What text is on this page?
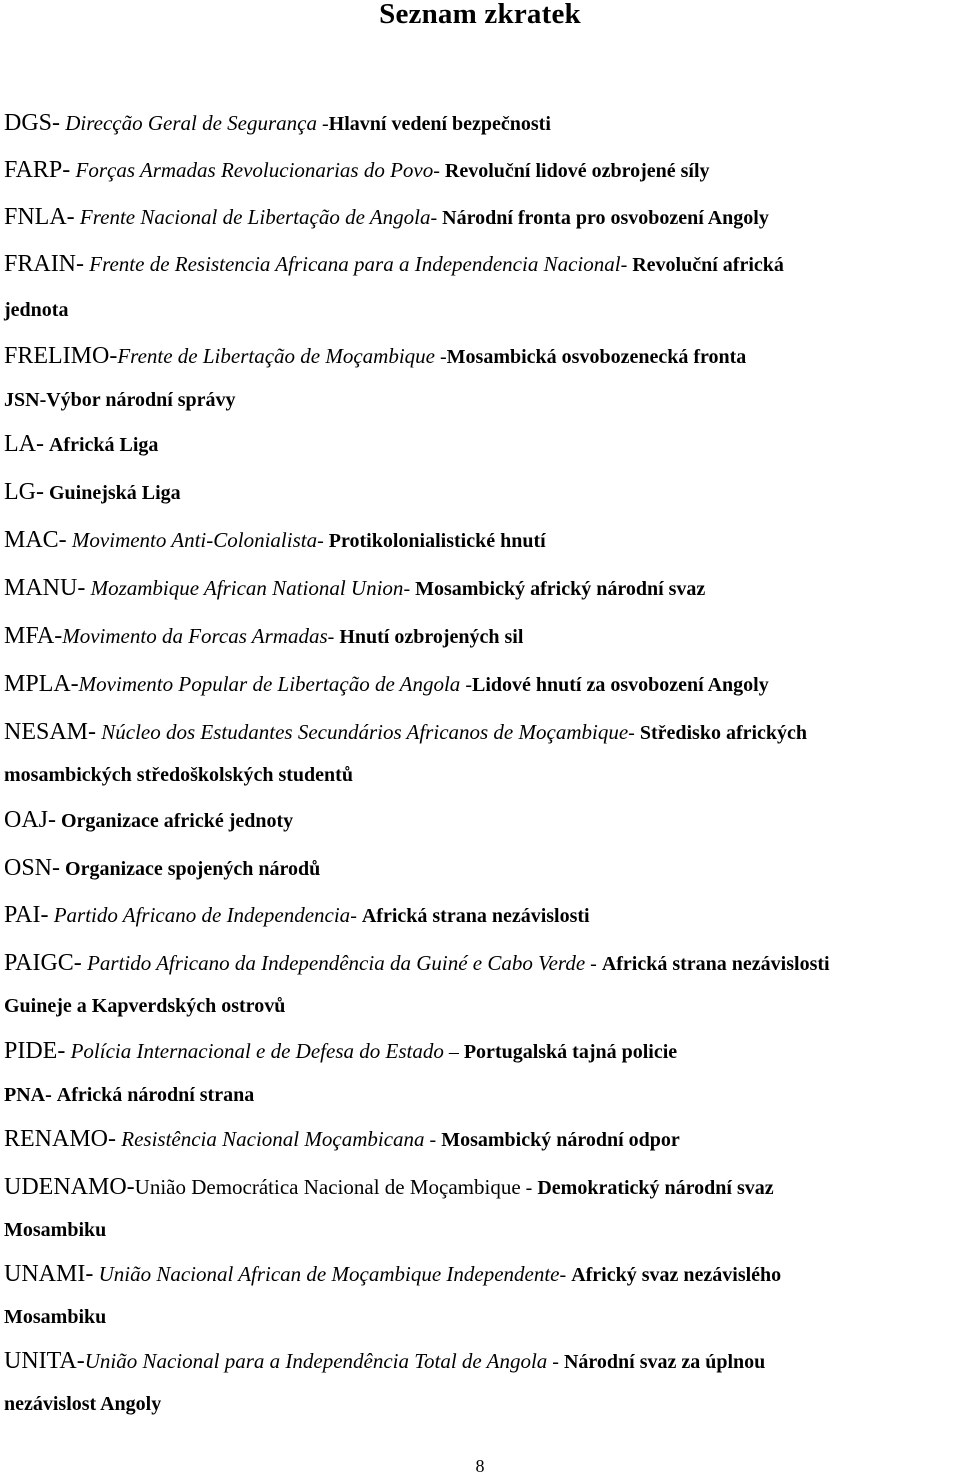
Seznam zkratek
DGS- Direcção Geral de Segurança -Hlavní vedení bezpečnosti
FARP- Forças Armadas Revolucionarias do Povo- Revoluční lidové ozbrojené síly
FNLA- Frente Nacional de Libertação de Angola- Národní fronta pro osvobození Angoly
FRAIN- Frente de Resistencia Africana para a Independencia Nacional- Revoluční africká
jednota
FRELIMO-Frente de Libertação de Moçambique -Mosambická osvobozenecká fronta
JSN-Výbor národní správy
LA- Africká Liga
LG- Guinejská Liga
MAC- Movimento Anti-Colonialista- Protikolonialistické hnutí
MANU- Mozambique African National Union- Mosambický africký národní svaz
MFA-Movimento da Forcas Armadas- Hnutí ozbrojených sil
MPLA-Movimento Popular de Libertação de Angola -Lidové hnutí za osvobození Angoly
NESAM- Núcleo dos Estudantes Secundários Africanos de Moçambique- Středisko afrických
mosambických středoškolských studentů
OAJ- Organizace africké jednoty
OSN- Organizace spojených národů
PAI- Partido Africano de Independencia- Africká strana nezávislosti
PAIGC- Partido Africano da Independência da Guiné e Cabo Verde - Africká strana nezávislosti
Guineje a Kapverdských ostrovů
PIDE- Polícia Internacional e de Defesa do Estado – Portugalská tajná policie
PNA- Africká národní strana
RENAMO- Resistência Nacional Moçambicana - Mosambický národní odpor
UDENAMO-União Democrática Nacional de Moçambique - Demokratický národní svaz
Mosambiku
UNAMI- União Nacional African de Moçambique Independente- Africký svaz nezávislého
Mosambiku
UNITA-União Nacional para a Independência Total de Angola - Národní svaz za úplnou
nezávislost Angoly
8
